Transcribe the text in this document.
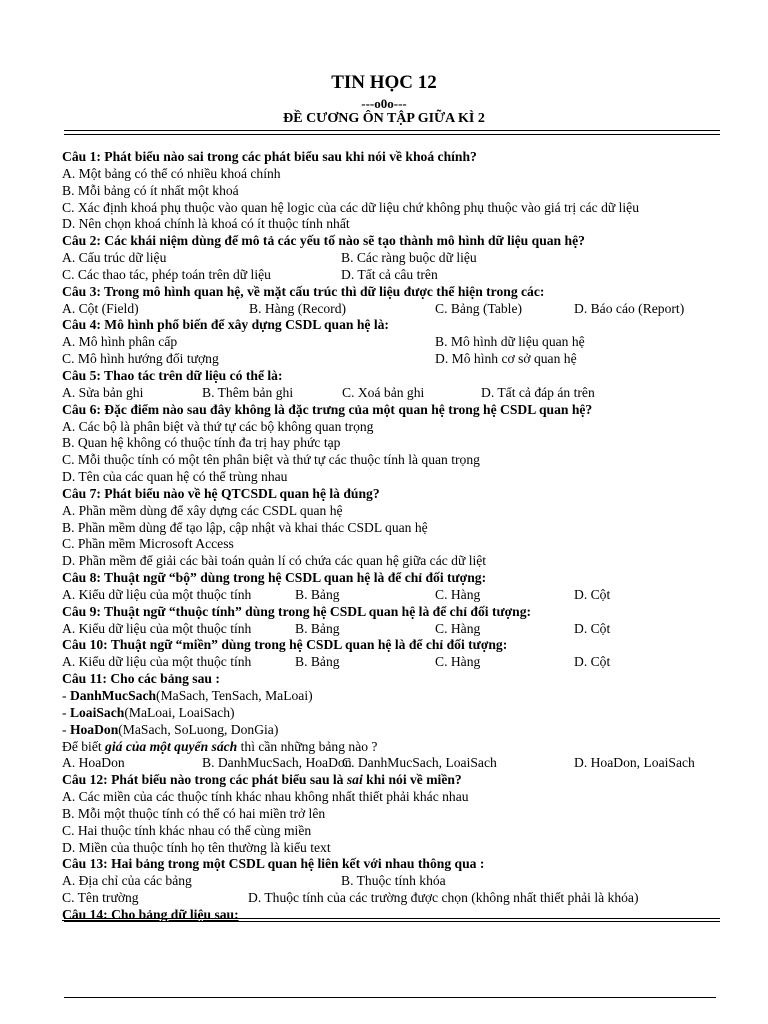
TIN HỌC 12
---o0o---
ĐỀ CƯƠNG ÔN TẬP GIỮA KÌ 2
Câu 1: Phát biểu nào sai trong các phát biểu sau khi nói về khoá chính?
A. Một bảng có thể có nhiều khoá chính
B. Mỗi bảng có ít nhất một khoá
C. Xác định khoá phụ thuộc vào quan hệ logic của các dữ liệu chứ không phụ thuộc vào giá trị các dữ liệu
D. Nên chọn khoá chính là khoá có ít thuộc tính nhất
Câu 2: Các khái niệm dùng để mô tả các yếu tố nào sẽ tạo thành mô hình dữ liệu quan hệ?
A. Cấu trúc dữ liệu	B. Các ràng buộc dữ liệu
C. Các thao tác, phép toán trên dữ liệu	D. Tất cả câu trên
Câu 3: Trong mô hình quan hệ, về mặt cấu trúc thì dữ liệu được thể hiện trong các:
A. Cột (Field)	B. Hàng (Record)	C. Bảng (Table)	D. Báo cáo (Report)
Câu 4: Mô hình phổ biến để xây dựng CSDL quan hệ là:
A. Mô hình phân cấp	B. Mô hình dữ liệu quan hệ
C. Mô hình hướng đối tượng	D. Mô hình cơ sở quan hệ
Câu 5: Thao tác trên dữ liệu có thể là:
A. Sửa bản ghi	B. Thêm bản ghi	C. Xoá bản ghi	D. Tất cả đáp án trên
Câu 6: Đặc điểm nào sau đây không là đặc trưng của một quan hệ trong hệ CSDL quan hệ?
A. Các bộ là phân biệt và thứ tự các bộ không quan trọng
B. Quan hệ không có thuộc tính đa trị hay phức tạp
C. Mỗi thuộc tính có một tên phân biệt và thứ tự các thuộc tính là quan trọng
D. Tên của các quan hệ có thể trùng nhau
Câu 7: Phát biểu nào về hệ QTCSDL quan hệ là đúng?
A. Phần mềm dùng để xây dựng các CSDL quan hệ
B. Phần mềm dùng để tạo lập, cập nhật và khai thác CSDL quan hệ
C. Phần mềm Microsoft Access
D. Phần mềm để giải các bài toán quản lí có chứa các quan hệ giữa các dữ liệt
Câu 8: Thuật ngữ “bộ” dùng trong hệ CSDL quan hệ là để chỉ đối tượng:
A. Kiểu dữ liệu của một thuộc tính	B. Bảng	C. Hàng	D. Cột
Câu 9: Thuật ngữ “thuộc tính” dùng trong hệ CSDL quan hệ là để chỉ đối tượng:
A. Kiểu dữ liệu của một thuộc tính	B. Bảng	C. Hàng	D. Cột
Câu 10: Thuật ngữ “miền” dùng trong hệ CSDL quan hệ là để chỉ đối tượng:
A. Kiểu dữ liệu của một thuộc tính	B. Bảng	C. Hàng	D. Cột
Câu 11: Cho các bảng sau :
- DanhMucSach(MaSach, TenSach, MaLoai)
- LoaiSach(MaLoai, LoaiSach)
- HoaDon(MaSach, SoLuong, DonGia)
Để biết giá của một quyển sách thì cần những bảng nào ?
A. HoaDon	B. DanhMucSach, HoaDon
C. DanhMucSach, LoaiSach	D. HoaDon, LoaiSach
Câu 12: Phát biểu nào trong các phát biểu sau là sai khi nói về miền?
A. Các miền của các thuộc tính khác nhau không nhất thiết phải khác nhau
B. Mỗi một thuộc tính có thể có hai miền trở lên
C. Hai thuộc tính khác nhau có thể cùng miền
D. Miền của thuộc tính họ tên thường là kiểu text
Câu 13: Hai bảng trong một CSDL quan hệ liên kết với nhau thông qua :
A. Địa chỉ của các bảng	B. Thuộc tính khóa
C. Tên trường	D. Thuộc tính của các trường được chọn (không nhất thiết phải là khóa)
Câu 14: Cho bảng dữ liệu sau:
